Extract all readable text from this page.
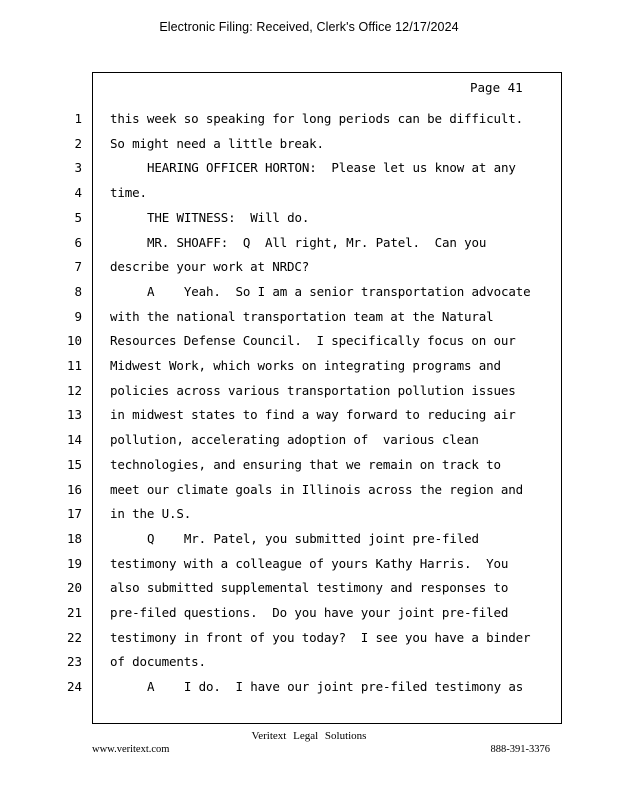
Electronic Filing: Received, Clerk's Office 12/17/2024
Page 41
1
2
3
4
5
6
7
8
9
10
11
12
13
14
15
16
17
18
19
20
21
22
23
24
this week so speaking for long periods can be difficult.
So might need a little break.
HEARING OFFICER HORTON:  Please let us know at any
time.
THE WITNESS:  Will do.
MR. SHOAFF:  Q  All right, Mr. Patel.  Can you
describe your work at NRDC?
A    Yeah.  So I am a senior transportation advocate
with the national transportation team at the Natural
Resources Defense Council.  I specifically focus on our
Midwest Work, which works on integrating programs and
policies across various transportation pollution issues
in midwest states to find a way forward to reducing air
pollution, accelerating adoption of  various clean
technologies, and ensuring that we remain on track to
meet our climate goals in Illinois across the region and
in the U.S.
Q    Mr. Patel, you submitted joint pre-filed
testimony with a colleague of yours Kathy Harris.  You
also submitted supplemental testimony and responses to
pre-filed questions.  Do you have your joint pre-filed
testimony in front of you today?  I see you have a binder
of documents.
A    I do.  I have our joint pre-filed testimony as
Veritext Legal Solutions
www.veritext.com	888-391-3376
